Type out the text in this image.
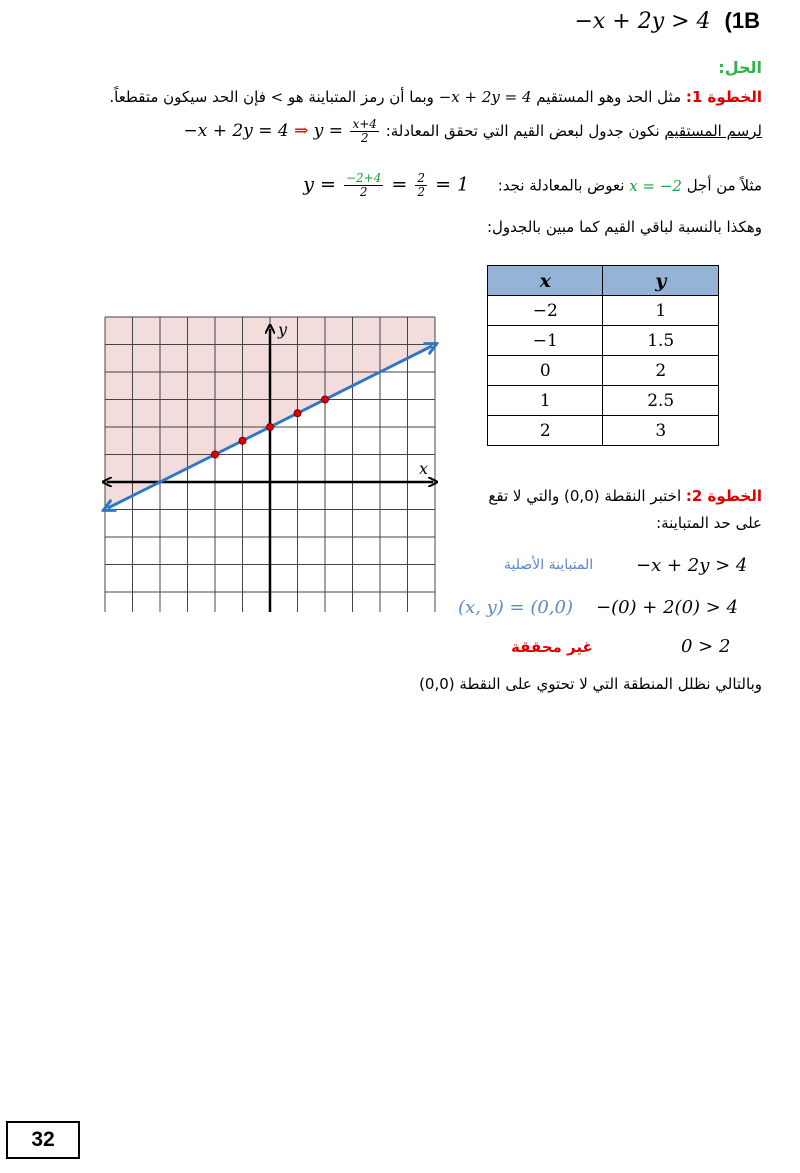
−x + 2y > 4 (1B
الحل:
الخطوة 1: مثل الحد وهو المستقيم −x + 2y = 4 وبما أن رمز المتباينة هو < فإن الحد سيكون متقطعاً.
لرسم المستقيم نكون جدول لبعض القيم التي تحقق المعادلة: −x + 2y = 4 ⇒ $y = \frac{x+4}{2}$
مثلاً من أجل x = −2 نعوض بالمعادلة نجد:      $y = \frac{-2+4}{2} = \frac{2}{2} = 1$
وهكذا بالنسبة لباقي القيم كما مبين بالجدول:
x	y
−2	1
−1	1.5
0	2
1	2.5
2	3
x
y
الخطوة 2: اختبر النقطة (0,0) والتي لا تقع
على حد المتباينة:
المتباينة الأصلية −x + 2y > 4
(x, y) = (0,0) −(0) + 2(0) > 4
غير محققة	0 > 2
وبالتالي نظلل المنطقة التي لا تحتوي على النقطة (0,0)
32
